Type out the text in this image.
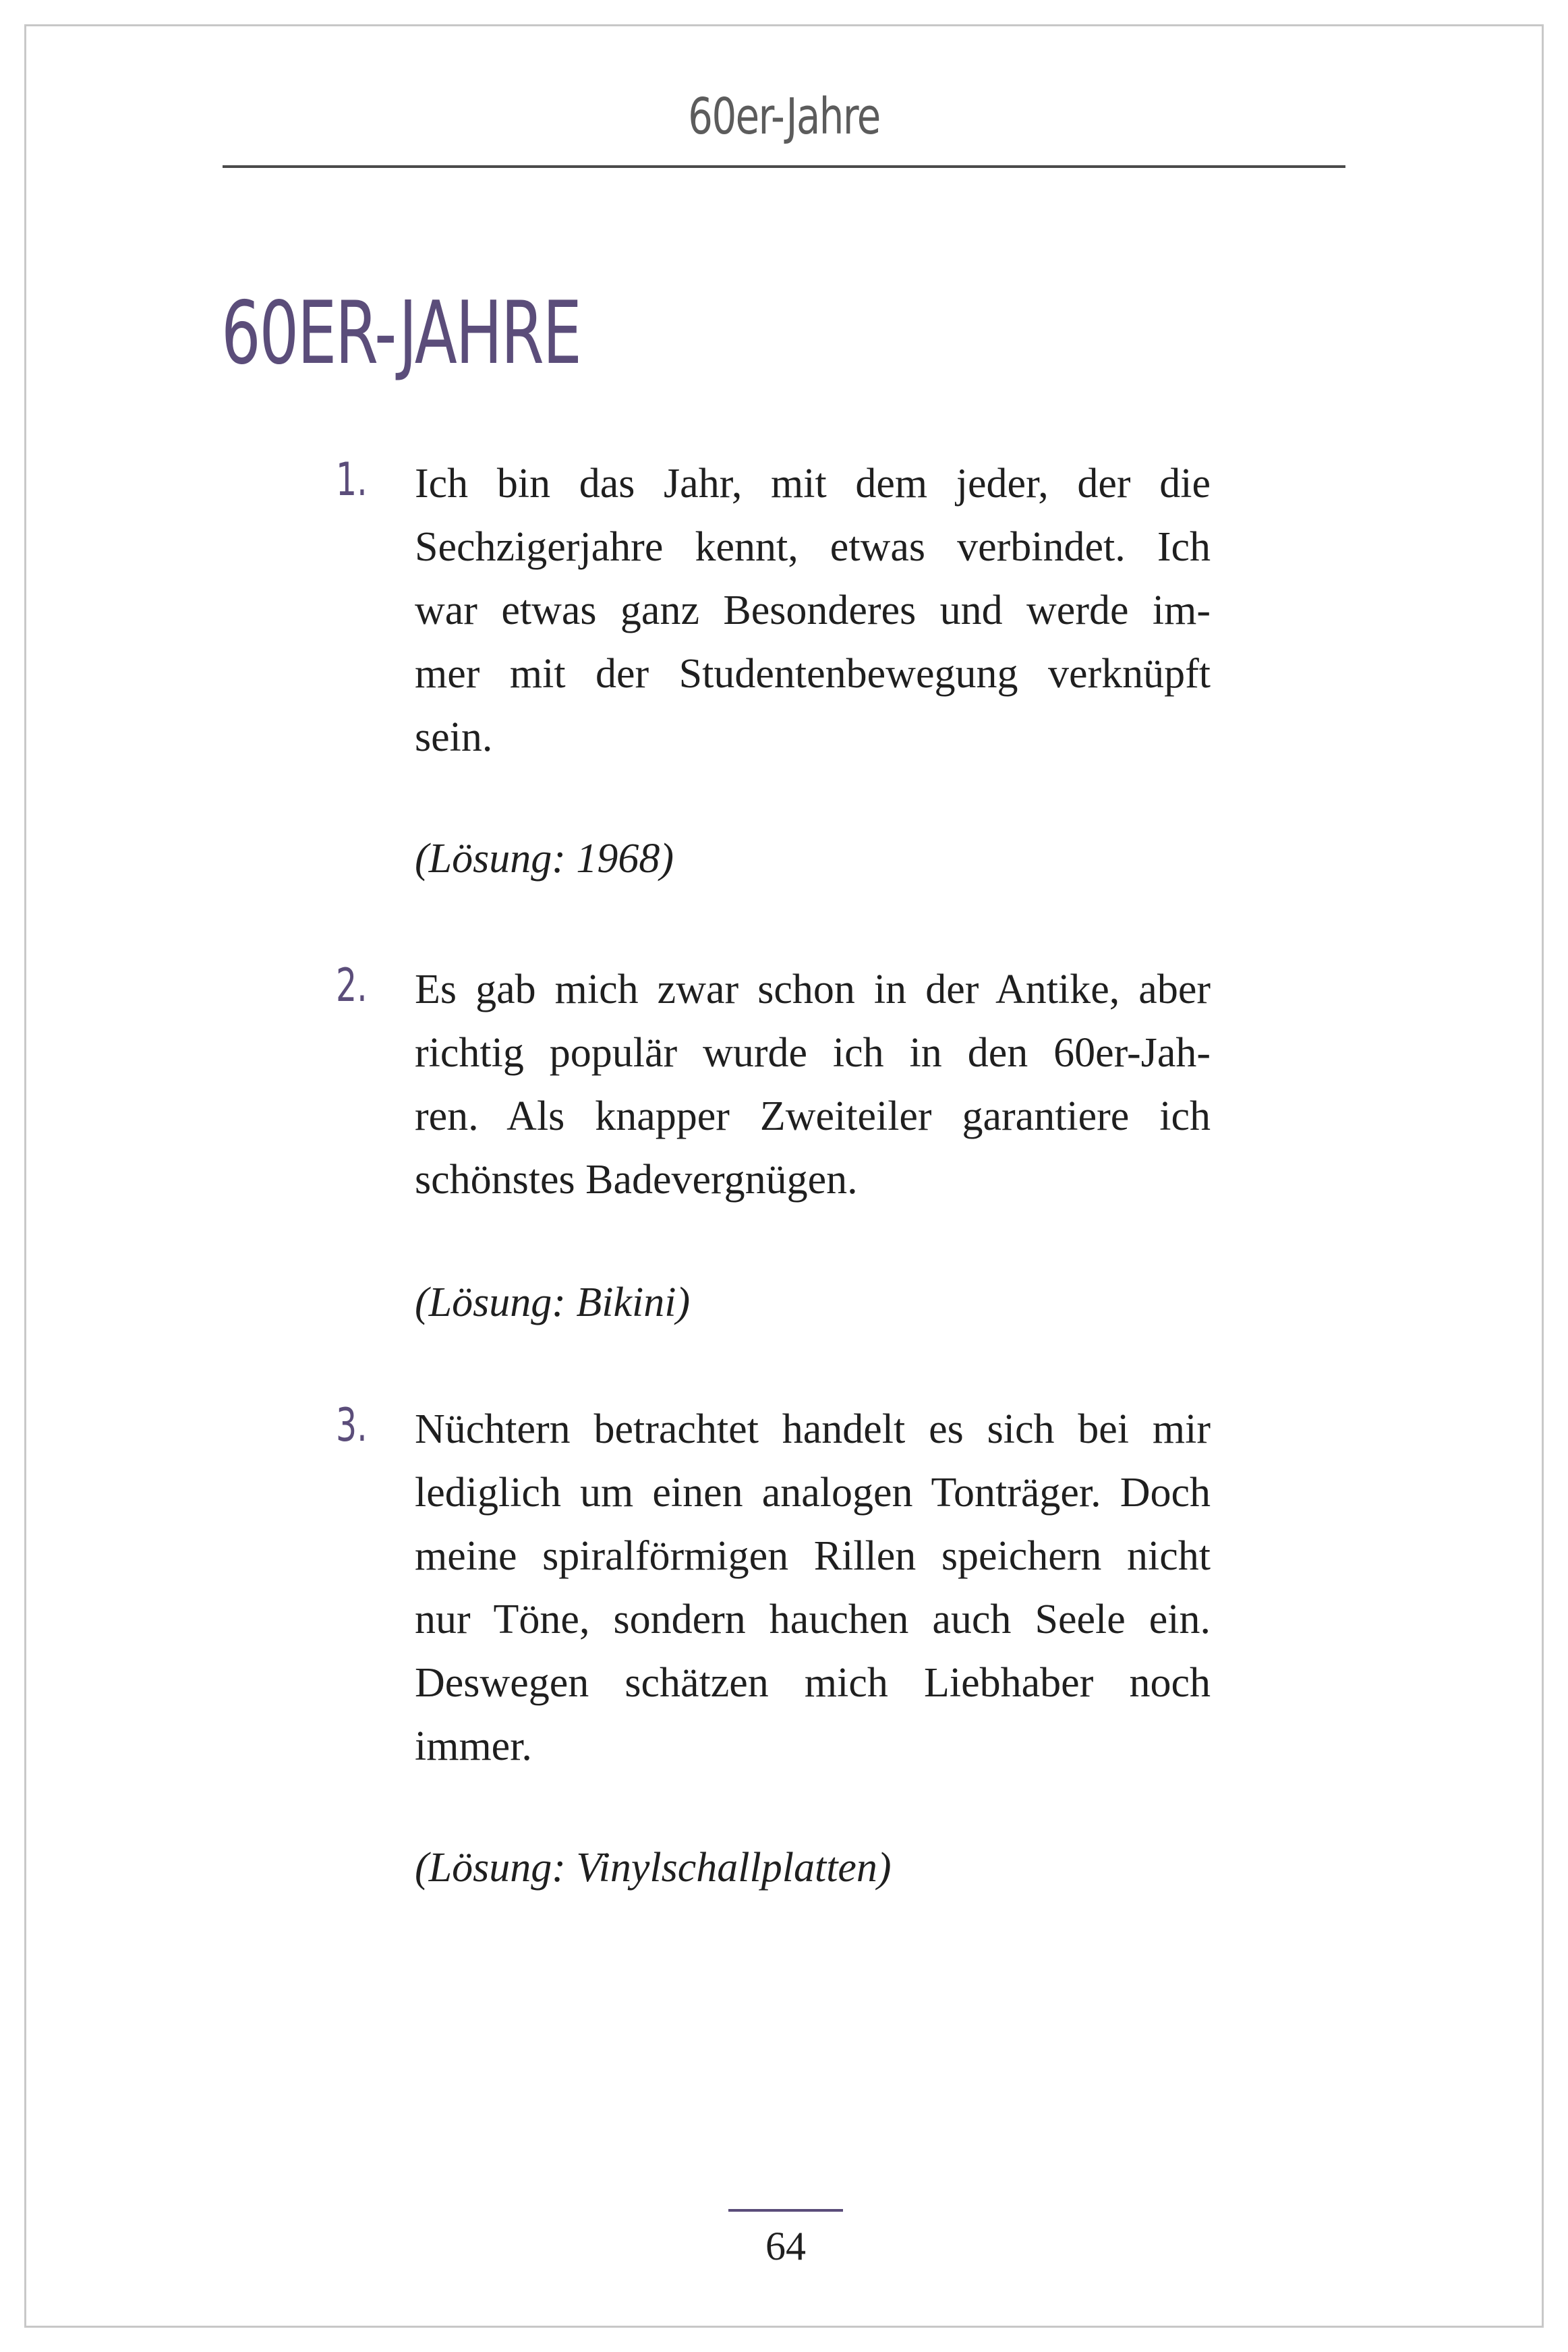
60er-Jahre
60ER-JAHRE
1. Ich bin das Jahr, mit dem jeder, der die
Sechzigerjahre kennt, etwas verbindet. Ich
war etwas ganz Besonderes und werde im-
mer mit der Studentenbewegung verknüpft
sein.
(Lösung: 1968)
2. Es gab mich zwar schon in der Antike, aber
richtig populär wurde ich in den 60er-Jah-
ren. Als knapper Zweiteiler garantiere ich
schönstes Badevergnügen.
(Lösung: Bikini)
3. Nüchtern betrachtet handelt es sich bei mir
lediglich um einen analogen Tonträger. Doch
meine spiralförmigen Rillen speichern nicht
nur Töne, sondern hauchen auch Seele ein.
Deswegen schätzen mich Liebhaber noch
immer.
(Lösung: Vinylschallplatten)
64
